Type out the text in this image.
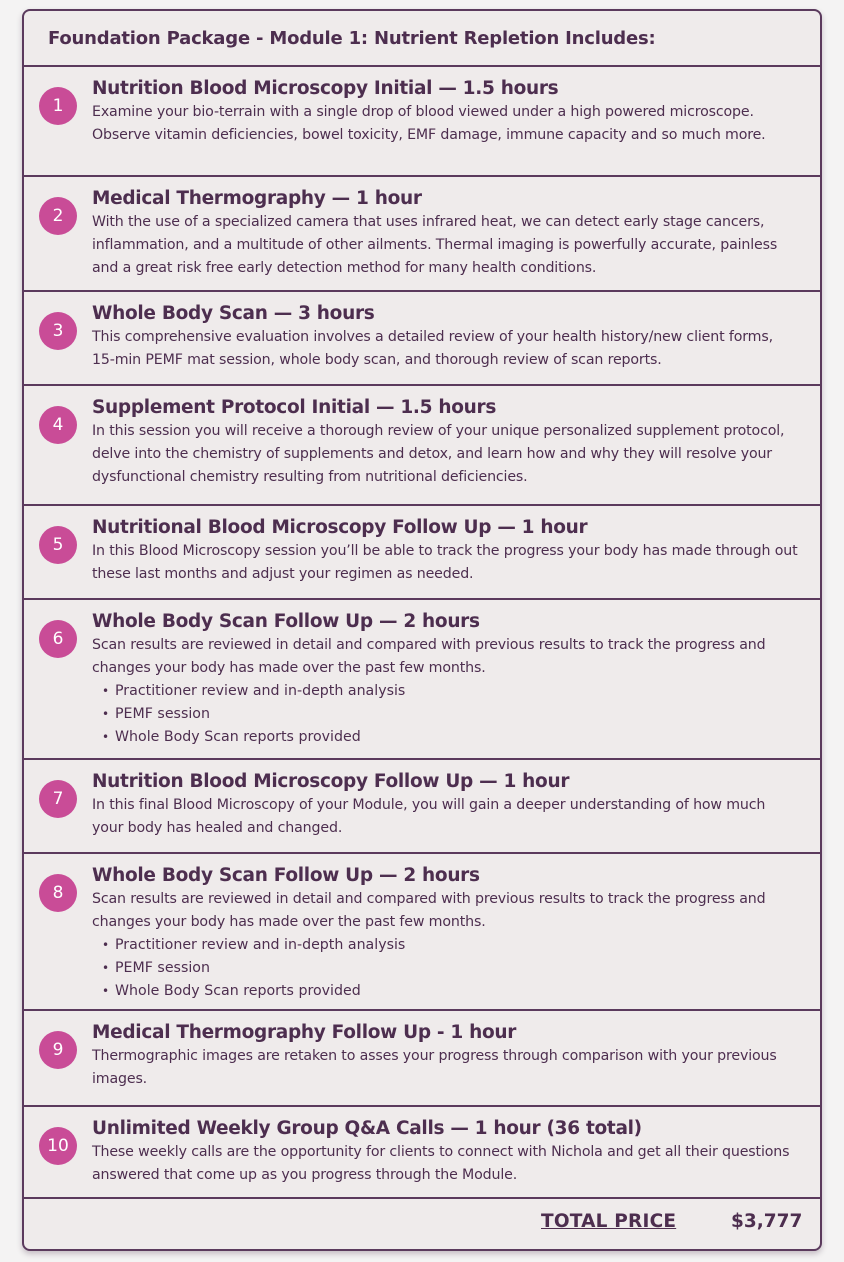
Foundation Package - Module 1: Nutrient Repletion Includes:
1
Nutrition Blood Microscopy Initial — 1.5 hours
Examine your bio-terrain with a single drop of blood viewed under a high powered microscope. Observe vitamin deficiencies, bowel toxicity, EMF damage, immune capacity and so much more.
2
Medical Thermography — 1 hour
With the use of a specialized camera that uses infrared heat, we can detect early stage cancers, inflammation, and a multitude of other ailments. Thermal imaging is powerfully accurate, painless and a great risk free early detection method for many health conditions.
3
Whole Body Scan — 3 hours
This comprehensive evaluation involves a detailed review of your health history/new client forms, 15-min PEMF mat session, whole body scan, and thorough review of scan reports.
4
Supplement Protocol Initial — 1.5 hours
In this session you will receive a thorough review of your unique personalized supplement protocol, delve into the chemistry of supplements and detox, and learn how and why they will resolve your dysfunctional chemistry resulting from nutritional deficiencies.
5
Nutritional Blood Microscopy Follow Up — 1 hour
In this Blood Microscopy session you’ll be able to track the progress your body has made through out these last months and adjust your regimen as needed.
6
Whole Body Scan Follow Up — 2 hours
Scan results are reviewed in detail and compared with previous results to track the progress and changes your body has made over the past few months.
• Practitioner review and in-depth analysis
• PEMF session
• Whole Body Scan reports provided
7
Nutrition Blood Microscopy Follow Up — 1 hour
In this final Blood Microscopy of your Module, you will gain a deeper understanding of how much your body has healed and changed.
8
Whole Body Scan Follow Up — 2 hours
Scan results are reviewed in detail and compared with previous results to track the progress and changes your body has made over the past few months.
• Practitioner review and in-depth analysis
• PEMF session
• Whole Body Scan reports provided
9
Medical Thermography Follow Up - 1 hour
Thermographic images are retaken to asses your progress through comparison with your previous images.
10
Unlimited Weekly Group Q&A Calls — 1 hour (36 total)
These weekly calls are the opportunity for clients to connect with Nichola and get all their questions answered that come up as you progress through the Module.
TOTAL PRICE	$3,777
